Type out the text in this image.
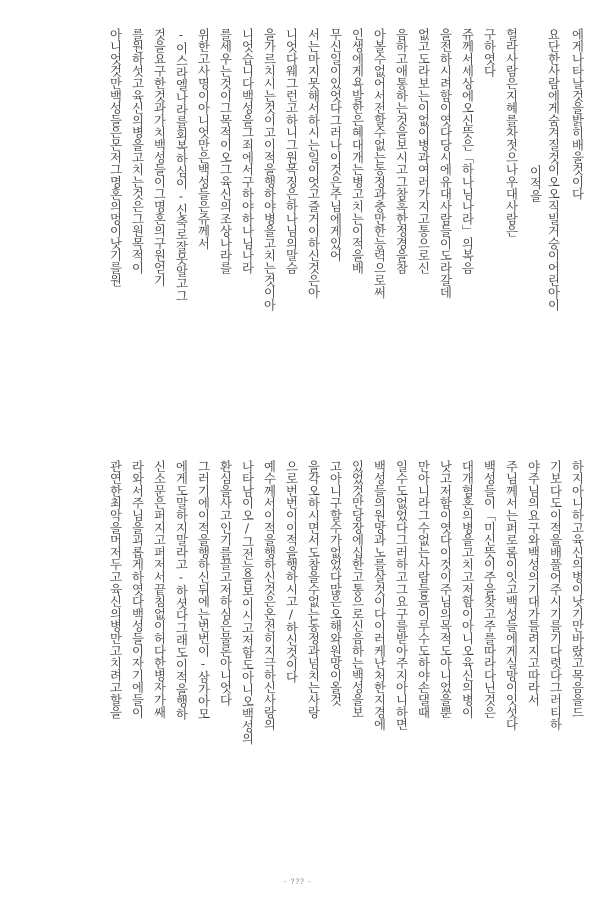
에게나타날것을밝히배울것이다
요단한사람에게숨겨질것이오오직빌거숭이어린아이
이적을
헐라사람은지혜를차젓으나우대사람은
구하엿다
쥬께서세상에오신뜻은「하나님나라」의복음
을전하시려함이엿다당시에유대사람들이도라갈데
없고도라보는이없이병과여러가지고통으로신
음하고애통하는것을보시고그참혹한정경을참
아볼수없어서전할수없는동정과충만한능력으로써
인생에게욕발한은혜대개는병고치는이적을배
무신일이있엇다그러나이것은주님에게있어
서는마지못해서하시는일이엇고즐거이하신것은아
니엇다웨그런고하니그원목징은하나님의말슴
을가르치시는것이고이적을행하야병을고치는것이아
니엇습니다백성을그죄에서구하야하나님나라
를세우는것이그목적이오그육신의조상나라를
위한고사명이아니엇만은백성들은쥬께서
-이스라엘나라를회복하심이-신축로잘못알고그
것을요구한것과가치백성들이그명혼의구원얻기
를원하섯고육신의병을고치는것은그원목적이
아니엇것만백성들은몬저그명혼의멍이낫기를원
하지아니하고육신의병이낫기만바랐고목음을드
기보다도이적을배풀어주시기를기다렷다그러티하
야주님의요구와백성의기대가틀려지고따라서
주님께서는퍼로롬이잇고백성들에게실망이잇섯다
백성들이「미신뜻이주을찾고주를따라다닌것은
대개혐혼의병을고치고저함이아니오육신의병이
낫고저함이엿다이것이주님의목적도아니었을뿐
만아니라그수없는사람들을이루수도하야손댈때
일수도없었다그러하고그요구를받아주지아니하면
백성들의원망과노를살것이다이러케난처한지경에
있었것만당장에십한고통으로신음하는백성을보
고아니구할수가없었다많은오해와원망이올것
을각오하시면서도참을수없는동정과넘치는사랑
으로번번이이적을행하시고/하신것이다
예수께서이적을행하신것은온전히지극하신사랑의
나타남이오/그전능을보이시고저함도아니오백성의
환심을사고인기를끌고저하심은물론아니엇다
그러기에이적을행하신뒤에는번번이-삼가아모
에게도말하지말라고-하셧다그래도이적을행하
신소문은퍼지고퍼저서끝침없이허다한병자가쌔
라와서주님을괴롭게하엿다백성들이자기에들이
관연한최악을머저두고육신의병만고치려고할을
- ??? -
